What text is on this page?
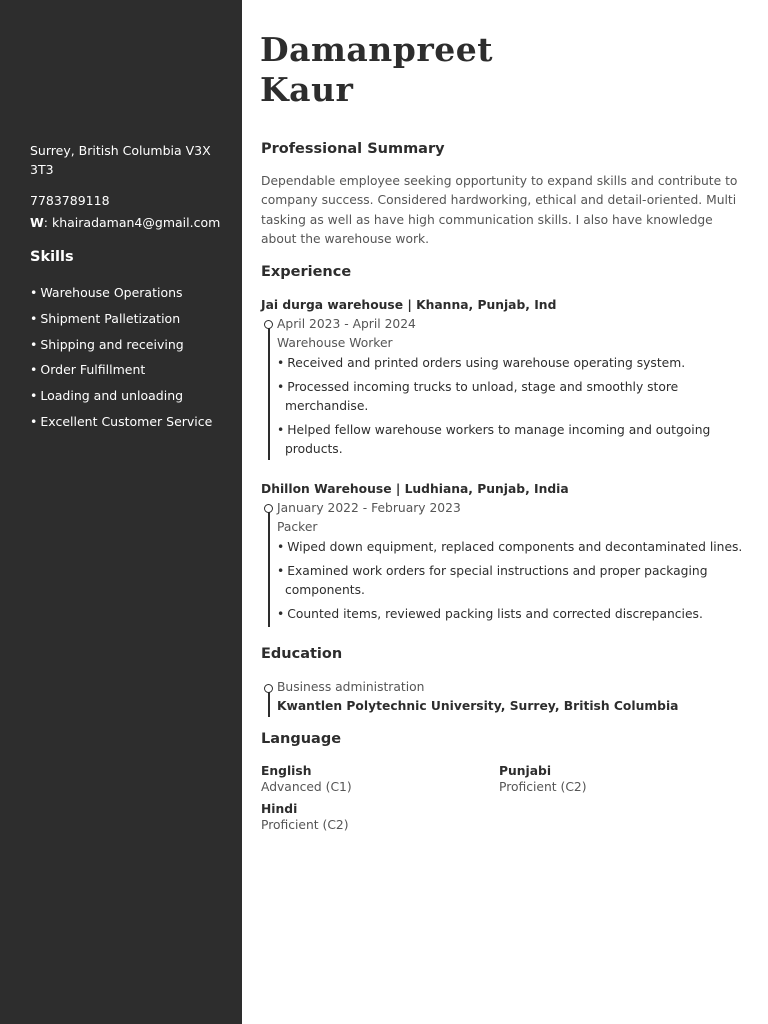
Surrey, British Columbia V3X 3T3

7783789118

W: khairadaman4@gmail.com

Skills
• Warehouse Operations
• Shipment Palletization
• Shipping and receiving
• Order Fulfillment
• Loading and unloading
• Excellent Customer Service
Damanpreet
Kaur
Professional Summary

Dependable employee seeking opportunity to expand skills and contribute to company success. Considered hardworking, ethical and detail-oriented. Multi tasking as well as have high communication skills. I also have knowledge about the warehouse work.

Experience

Jai durga warehouse | Khanna, Punjab, Ind

April 2023 - April 2024

Warehouse Worker

• Received and printed orders using warehouse operating system.
• Processed incoming trucks to unload, stage and smoothly store merchandise.
• Helped fellow warehouse workers to manage incoming and outgoing products.

Dhillon Warehouse | Ludhiana, Punjab, India

January 2022 - February 2023

Packer

• Wiped down equipment, replaced components and decontaminated lines.
• Examined work orders for special instructions and proper packaging components.
• Counted items, reviewed packing lists and corrected discrepancies.
Education

Business administration

Kwantlen Polytechnic University, Surrey, British Columbia

Language

English

Advanced (C1)

Punjabi

Proficient (C2)

Hindi

Proficient (C2)
